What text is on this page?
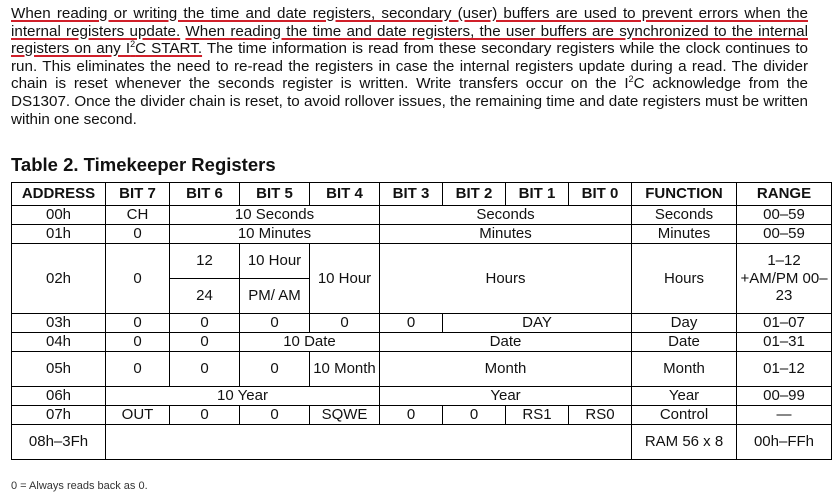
When reading or writing the time and date registers, secondary (user) buffers are used to prevent errors when the internal registers update. When reading the time and date registers, the user buffers are synchronized to the internal registers on any $I^2C$ START. The time information is read from these secondary registers while the clock continues to run. This eliminates the need to re-read the registers in case the internal registers update during a read. The divider chain is reset whenever the seconds register is written. Write transfers occur on the $I^2C$ acknowledge from the DS1307. Once the divider chain is reset, to avoid rollover issues, the remaining time and date registers must be written within one second.

Table 2. Timekeeper Registers
ADDRESS	BIT 7	BIT 6	BIT 5	BIT 4	BIT 3	BIT 2	BIT 1	BIT 0	FUNCTION	RANGE
00h	CH	10 Seconds			Seconds				Seconds	00–59
01h	0	10 Minutes			Minutes				Minutes	00–59
02h	0	12	10 Hour	10 Hour	Hours				Hours	1–12 +AM/PM 00–23
		24	PM/ AM							
03h	0	0	0	0	0	DAY			Day	01–07
04h	0	0	10 Date		Date				Date	01–31
05h	0	0	0	10 Month	Month				Month	01–12
06h	10 Year				Year				Year	00–99
07h	OUT	0	0	SQWE	0	0	RS1	RS0	Control	—
08h–3Fh									RAM 56 x 8	00h–FFh
0 = Always reads back as 0.
